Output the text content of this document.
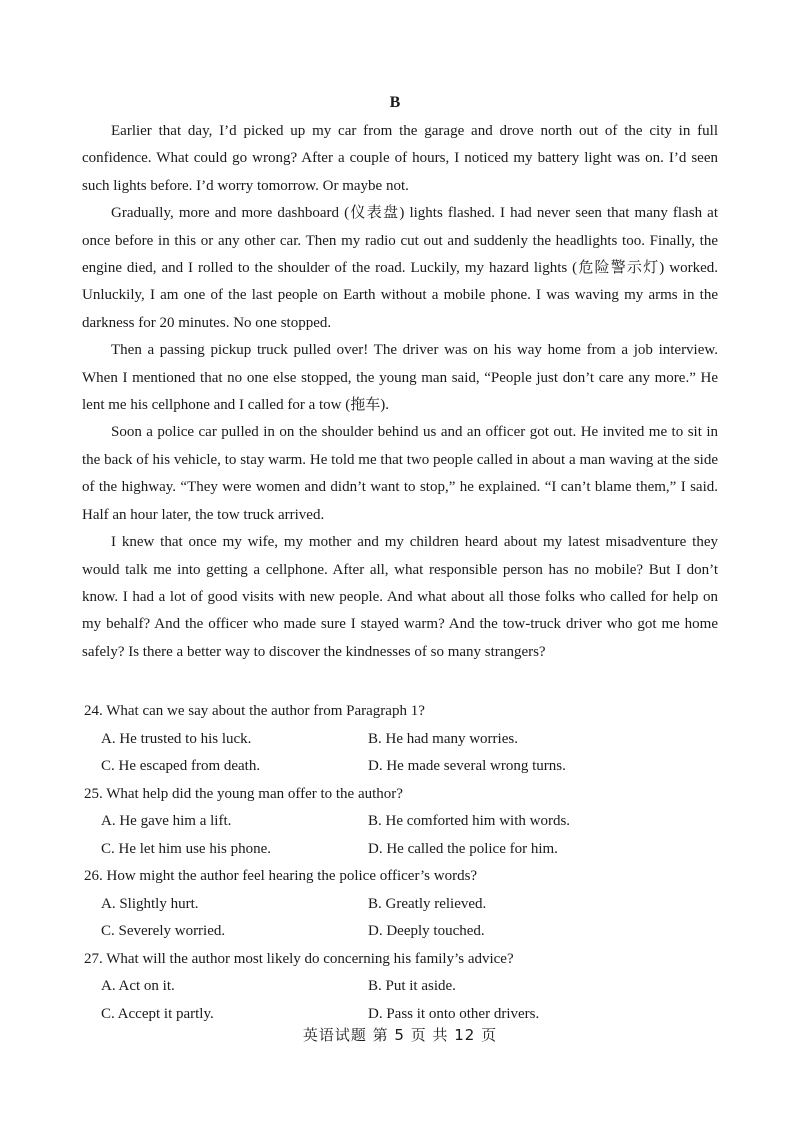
B

Earlier that day, I’d picked up my car from the garage and drove north out of the city in full confidence. What could go wrong? After a couple of hours, I noticed my battery light was on. I’d seen such lights before. I’d worry tomorrow. Or maybe not.

Gradually, more and more dashboard (仪表盘) lights flashed. I had never seen that many flash at once before in this or any other car. Then my radio cut out and suddenly the headlights too. Finally, the engine died, and I rolled to the shoulder of the road. Luckily, my hazard lights (危险警示灯) worked. Unluckily, I am one of the last people on Earth without a mobile phone. I was waving my arms in the darkness for 20 minutes. No one stopped.

Then a passing pickup truck pulled over! The driver was on his way home from a job interview. When I mentioned that no one else stopped, the young man said, “People just don’t care any more.” He lent me his cellphone and I called for a tow (拖车).

Soon a police car pulled in on the shoulder behind us and an officer got out. He invited me to sit in the back of his vehicle, to stay warm. He told me that two people called in about a man waving at the side of the highway. “They were women and didn’t want to stop,” he explained. “I can’t blame them,” I said. Half an hour later, the tow truck arrived.

I knew that once my wife, my mother and my children heard about my latest misadventure they would talk me into getting a cellphone. After all, what responsible person has no mobile? But I don’t know. I had a lot of good visits with new people. And what about all those folks who called for help on my behalf? And the officer who made sure I stayed warm? And the tow-truck driver who got me home safely? Is there a better way to discover the kindnesses of so many strangers?

24. What can we say about the author from Paragraph 1?
A. He trusted to his luck.	B. He had many worries.
C. He escaped from death.	D. He made several wrong turns.
25. What help did the young man offer to the author?
A. He gave him a lift.	B. He comforted him with words.
C. He let him use his phone.	D. He called the police for him.
26. How might the author feel hearing the police officer’s words?
A. Slightly hurt.	B. Greatly relieved.
C. Severely worried.	D. Deeply touched.
27. What will the author most likely do concerning his family’s advice?
A. Act on it.	B. Put it aside.
C. Accept it partly.	D. Pass it onto other drivers.
英语试题 第 5 页 共 12 页
